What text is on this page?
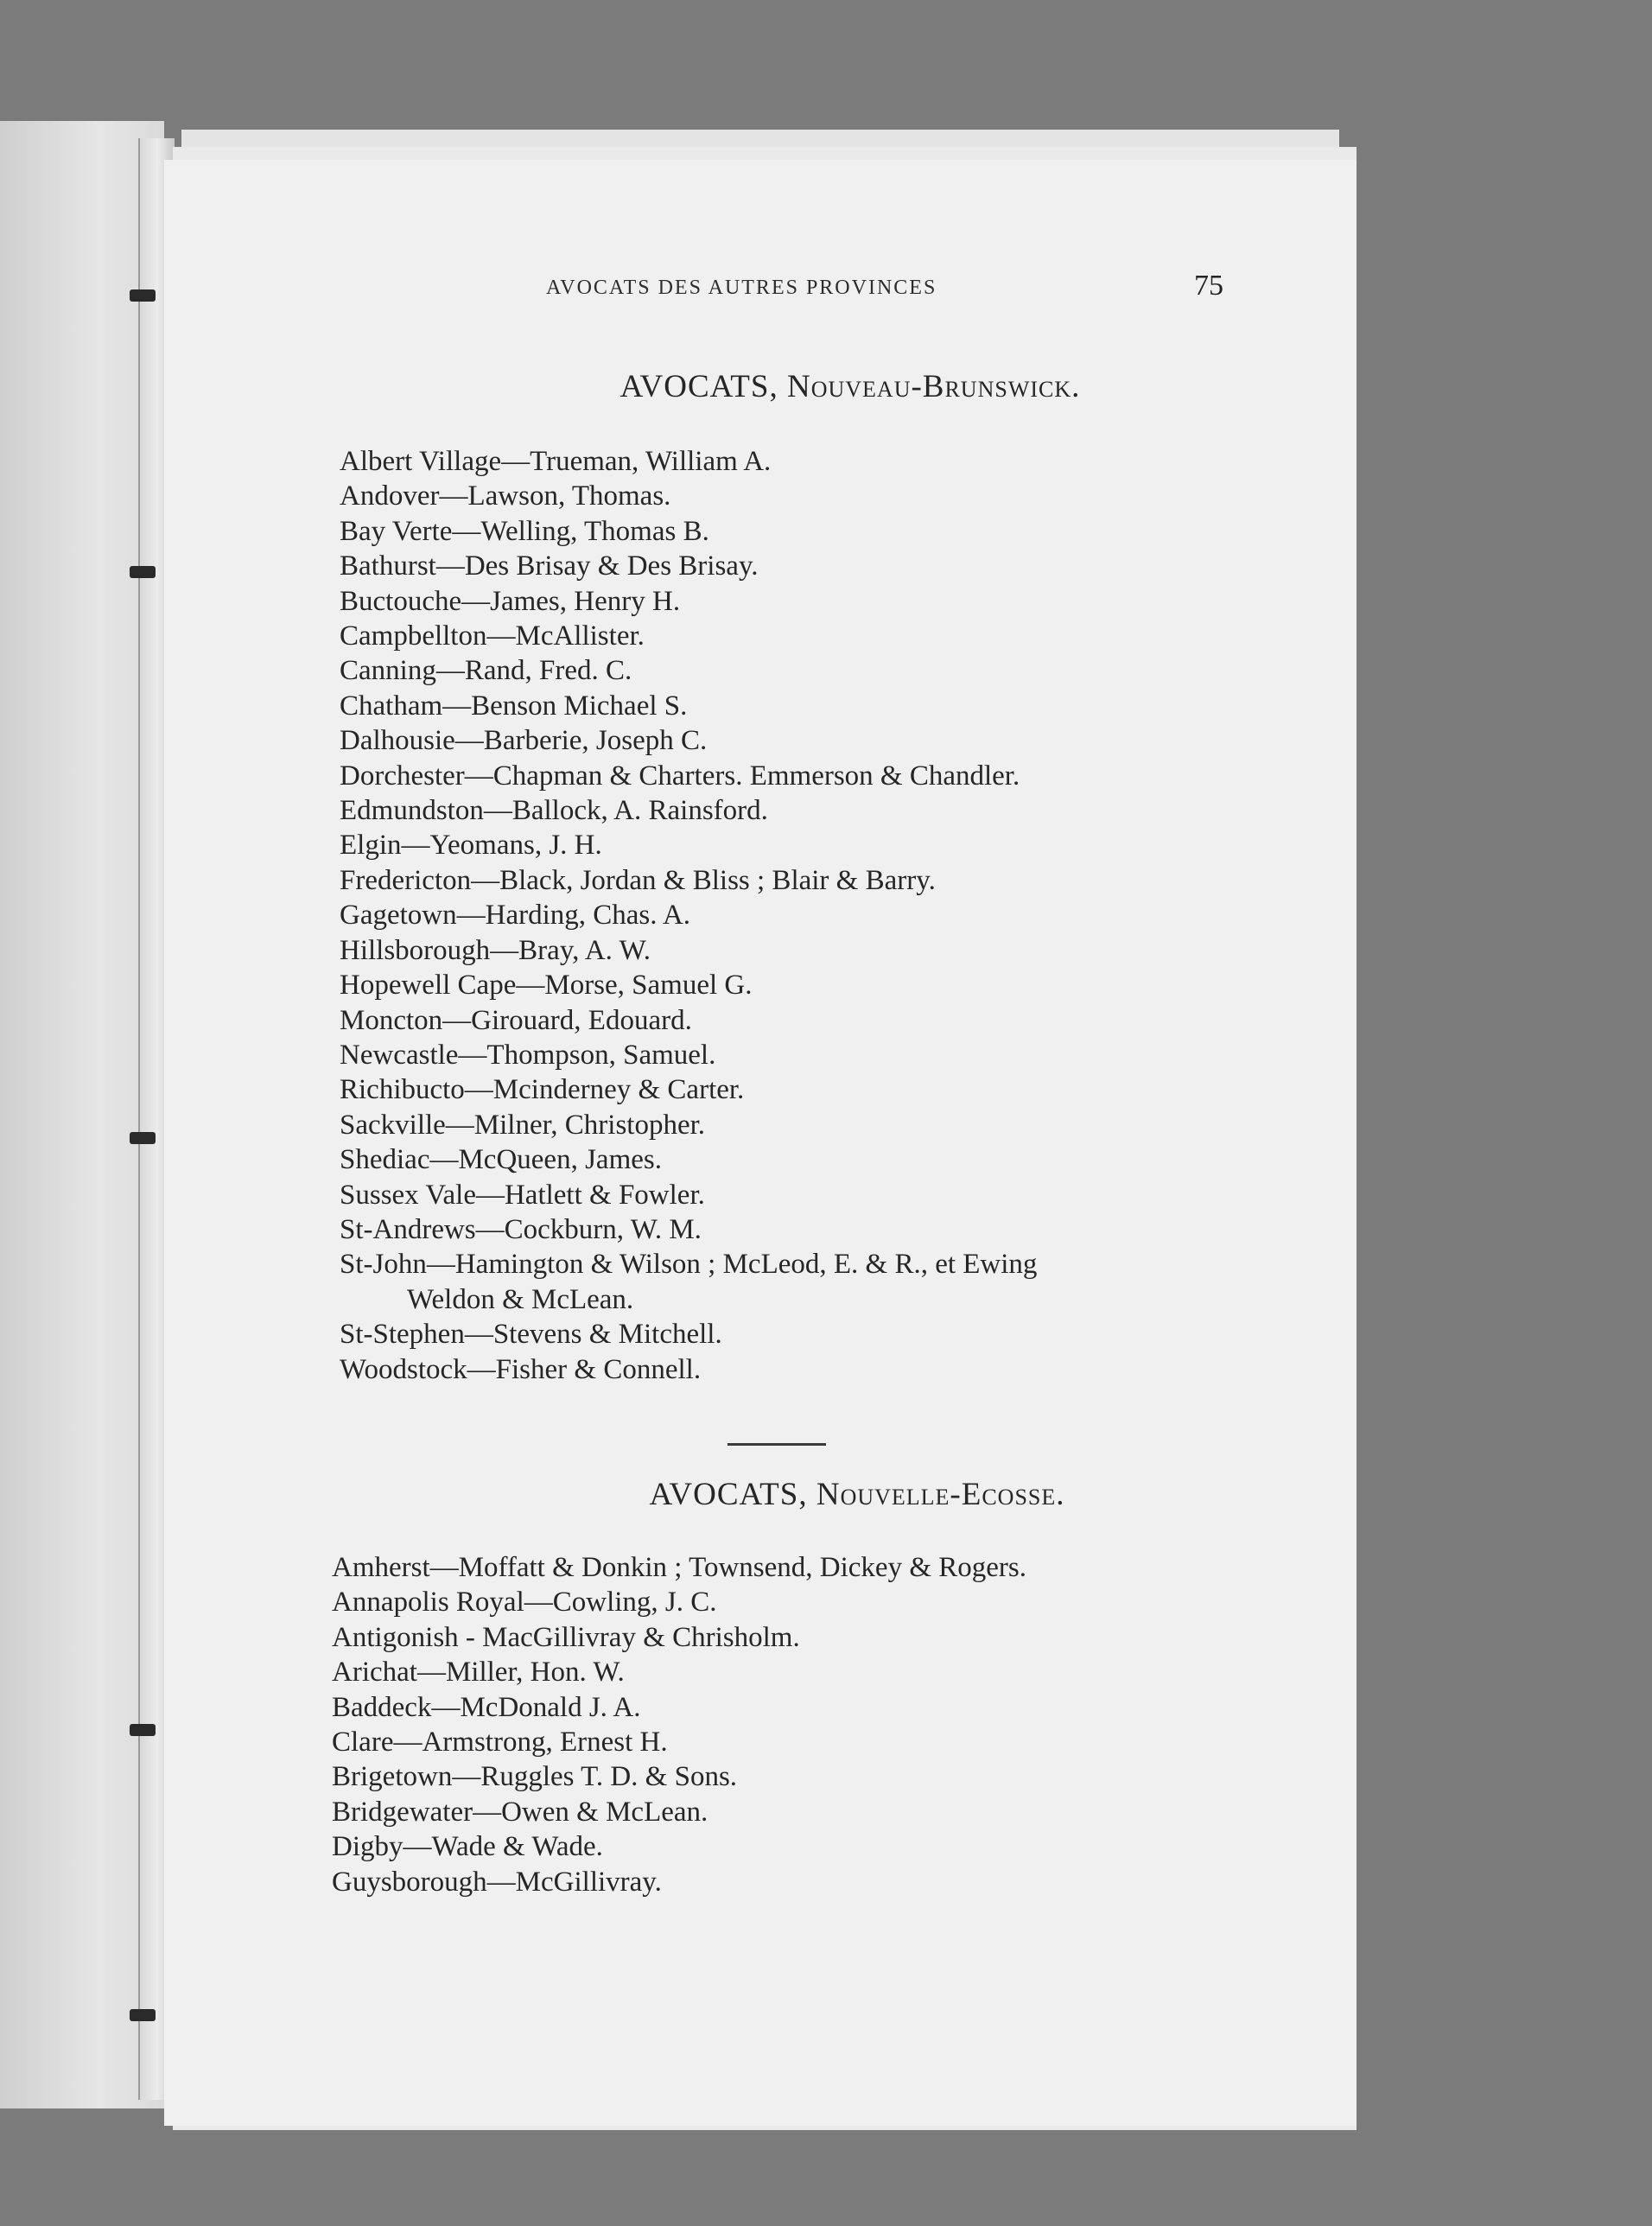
AVOCATS DES AUTRES PROVINCES	75
AVOCATS, Nouveau-Brunswick.
Albert Village—Trueman, William A.
Andover—Lawson, Thomas.
Bay Verte—Welling, Thomas B.
Bathurst—Des Brisay & Des Brisay.
Buctouche—James, Henry H.
Campbellton—McAllister.
Canning—Rand, Fred. C.
Chatham—Benson Michael S.
Dalhousie—Barberie, Joseph C.
Dorchester—Chapman & Charters. Emmerson & Chandler.
Edmundston—Ballock, A. Rainsford.
Elgin—Yeomans, J. H.
Fredericton—Black, Jordan & Bliss ; Blair & Barry.
Gagetown—Harding, Chas. A.
Hillsborough—Bray, A. W.
Hopewell Cape—Morse, Samuel G.
Moncton—Girouard, Edouard.
Newcastle—Thompson, Samuel.
Richibucto—Mcinderney & Carter.
Sackville—Milner, Christopher.
Shediac—McQueen, James.
Sussex Vale—Hatlett & Fowler.
St-Andrews—Cockburn, W. M.
St-John—Hamington & Wilson ; McLeod, E. & R., et Ewing
Weldon & McLean.
St-Stephen—Stevens & Mitchell.
Woodstock—Fisher & Connell.
AVOCATS, Nouvelle-Ecosse.
Amherst—Moffatt & Donkin ; Townsend, Dickey & Rogers.
Annapolis Royal—Cowling, J. C.
Antigonish - MacGillivray & Chrisholm.
Arichat—Miller, Hon. W.
Baddeck—McDonald J. A.
Clare—Armstrong, Ernest H.
Brigetown—Ruggles T. D. & Sons.
Bridgewater—Owen & McLean.
Digby—Wade & Wade.
Guysborough—McGillivray.
